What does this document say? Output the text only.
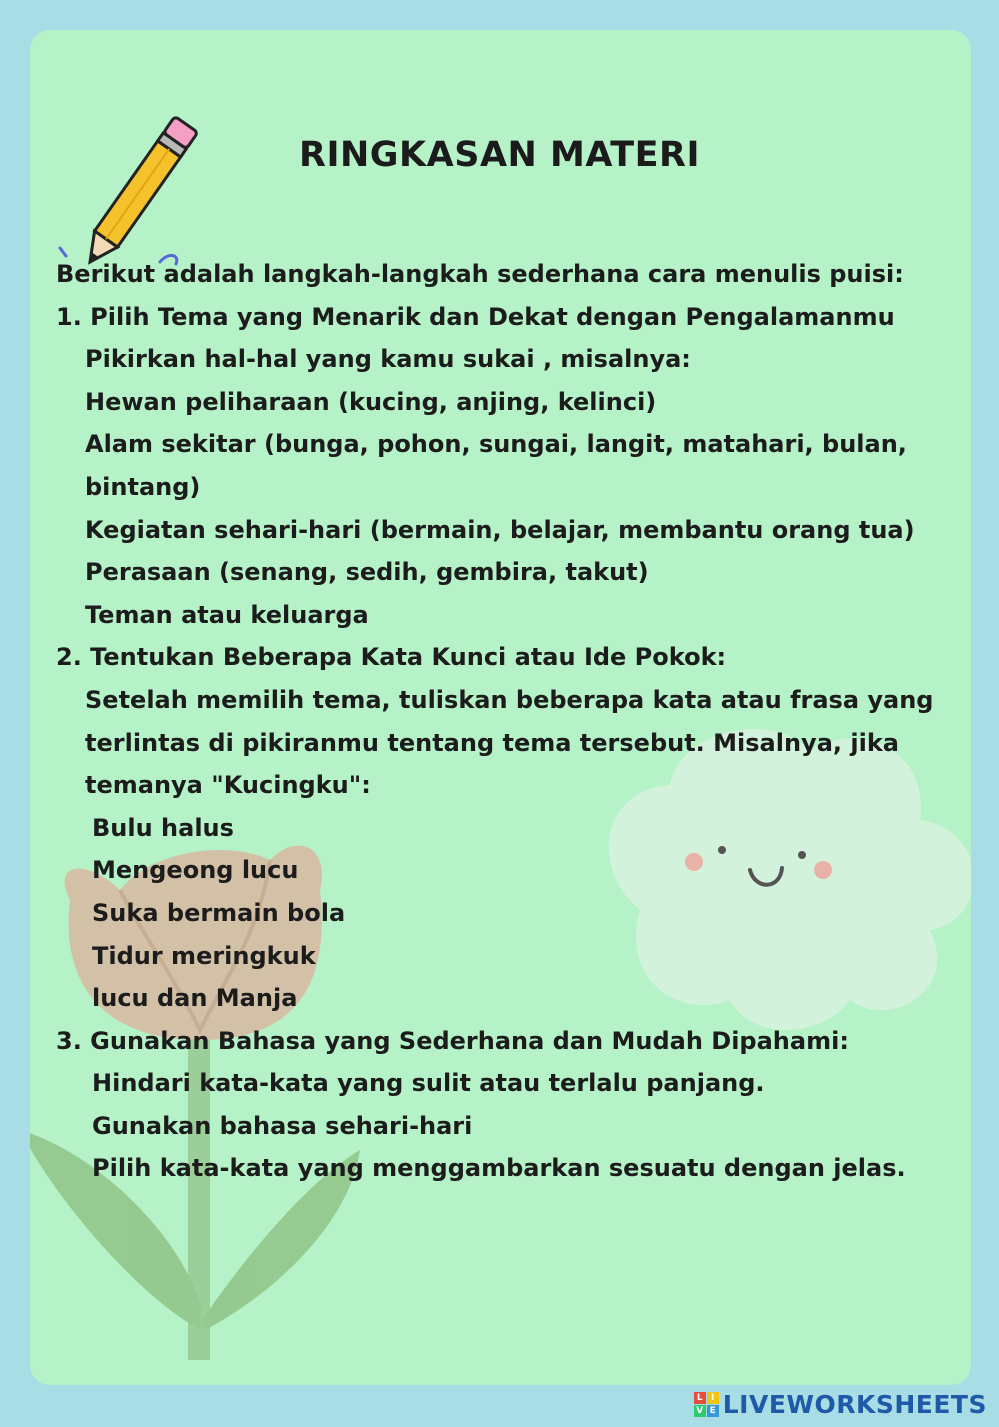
RINGKASAN MATERI
Berikut adalah langkah-langkah sederhana cara menulis puisi:
1. Pilih Tema yang Menarik dan Dekat dengan Pengalamanmu
Pikirkan hal-hal yang kamu sukai , misalnya:
Hewan peliharaan (kucing, anjing, kelinci)
Alam sekitar (bunga, pohon, sungai, langit, matahari, bulan,
bintang)
Kegiatan sehari-hari (bermain, belajar, membantu orang tua)
Perasaan (senang, sedih, gembira, takut)
Teman atau keluarga
2. Tentukan Beberapa Kata Kunci atau Ide Pokok:
Setelah memilih tema, tuliskan beberapa kata atau frasa yang
terlintas di pikiranmu tentang tema tersebut. Misalnya, jika
temanya "Kucingku":
Bulu halus
Mengeong lucu
Suka bermain bola
Tidur meringkuk
lucu dan Manja
3. Gunakan Bahasa yang Sederhana dan Mudah Dipahami:
Hindari kata-kata yang sulit atau terlalu panjang.
Gunakan bahasa sehari-hari
Pilih kata-kata yang menggambarkan sesuatu dengan jelas.
L I
V E LIVEWORKSHEETS
